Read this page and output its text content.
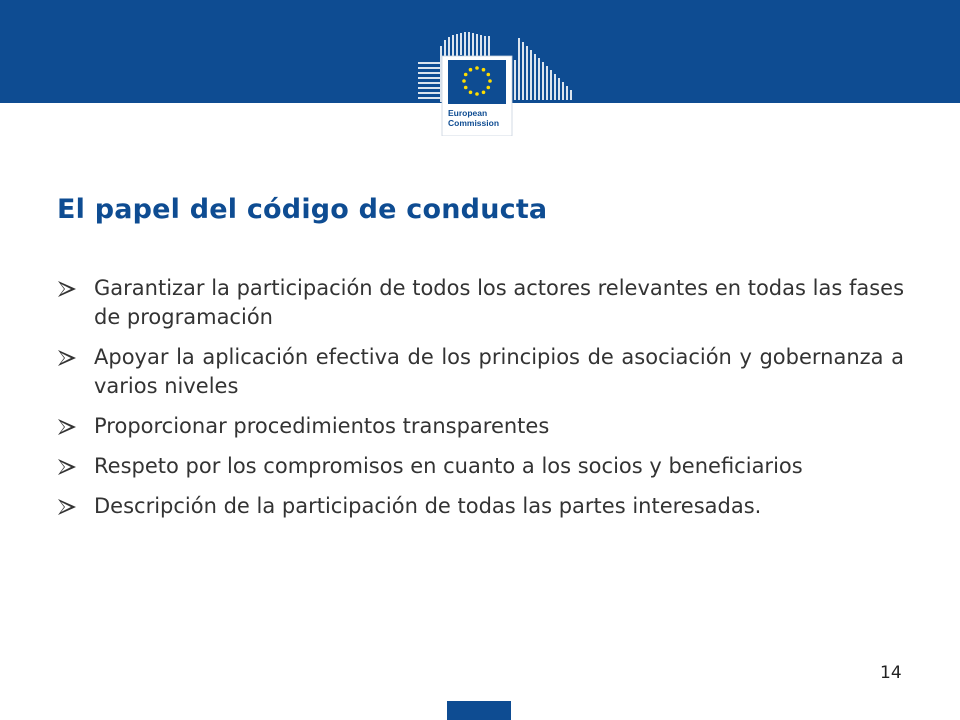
European
Commission
El papel del código de conducta
Garantizar la participación de todos los actores relevantes en todas las fases de programación
Apoyar la aplicación efectiva de los principios de asociación y gobernanza a varios niveles
Proporcionar procedimientos transparentes
Respeto por los compromisos en cuanto a los socios y beneficiarios
Descripción de la participación de todas las partes interesadas.
14
